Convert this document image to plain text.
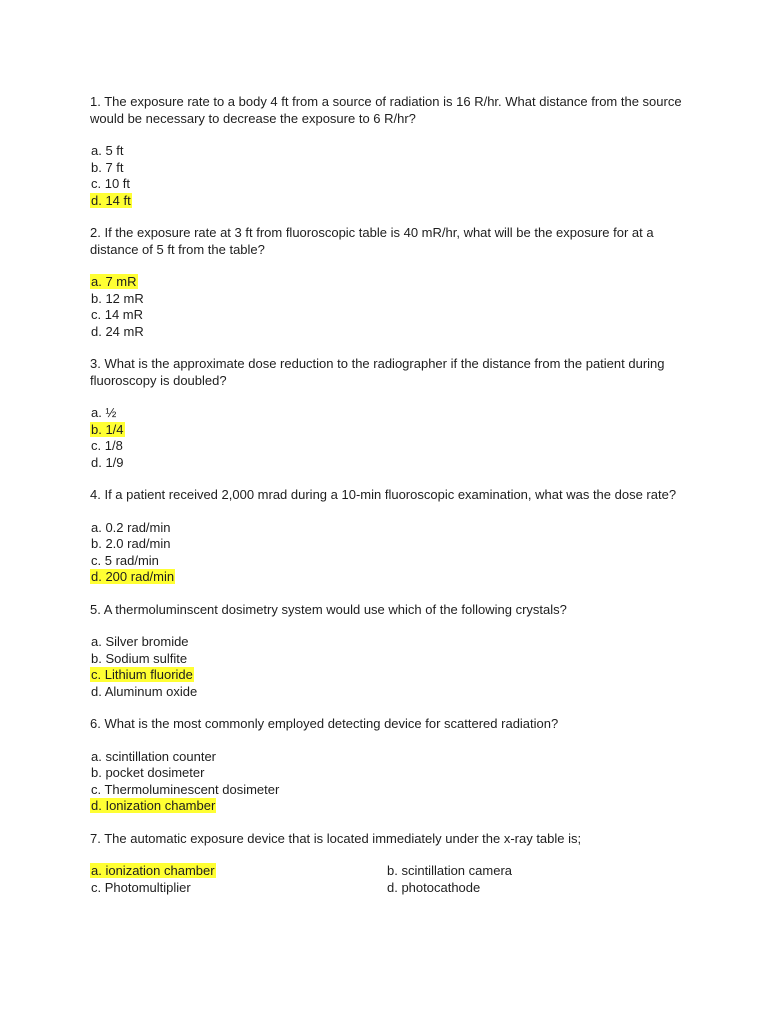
1. The exposure rate to a body 4 ft from a source of radiation is 16 R/hr. What distance from the source would be necessary to decrease the exposure to 6 R/hr?
a. 5 ft
b. 7 ft
c. 10 ft
d. 14 ft
2. If the exposure rate at 3 ft from fluoroscopic table is 40 mR/hr, what will be the exposure for at a distance of 5 ft from the table?
a. 7 mR
b. 12 mR
c. 14 mR
d. 24 mR
3. What is the approximate dose reduction to the radiographer if the distance from the patient during fluoroscopy is doubled?
a. ½
b. 1/4
c. 1/8
d. 1/9
4. If a patient received 2,000 mrad during a 10-min fluoroscopic examination, what was the dose rate?
a. 0.2 rad/min
b. 2.0 rad/min
c. 5 rad/min
d. 200 rad/min
5. A thermoluminscent dosimetry system would use which of the following crystals?
a. Silver bromide
b. Sodium sulfite
c. Lithium fluoride
d. Aluminum oxide
6. What is the most commonly employed detecting device for scattered radiation?
a. scintillation counter
b. pocket dosimeter
c. Thermoluminescent dosimeter
d. Ionization chamber
7. The automatic exposure device that is located immediately under the x-ray table is;
a. ionization chamber	b. scintillation camera
c. Photomultiplier	d. photocathode
